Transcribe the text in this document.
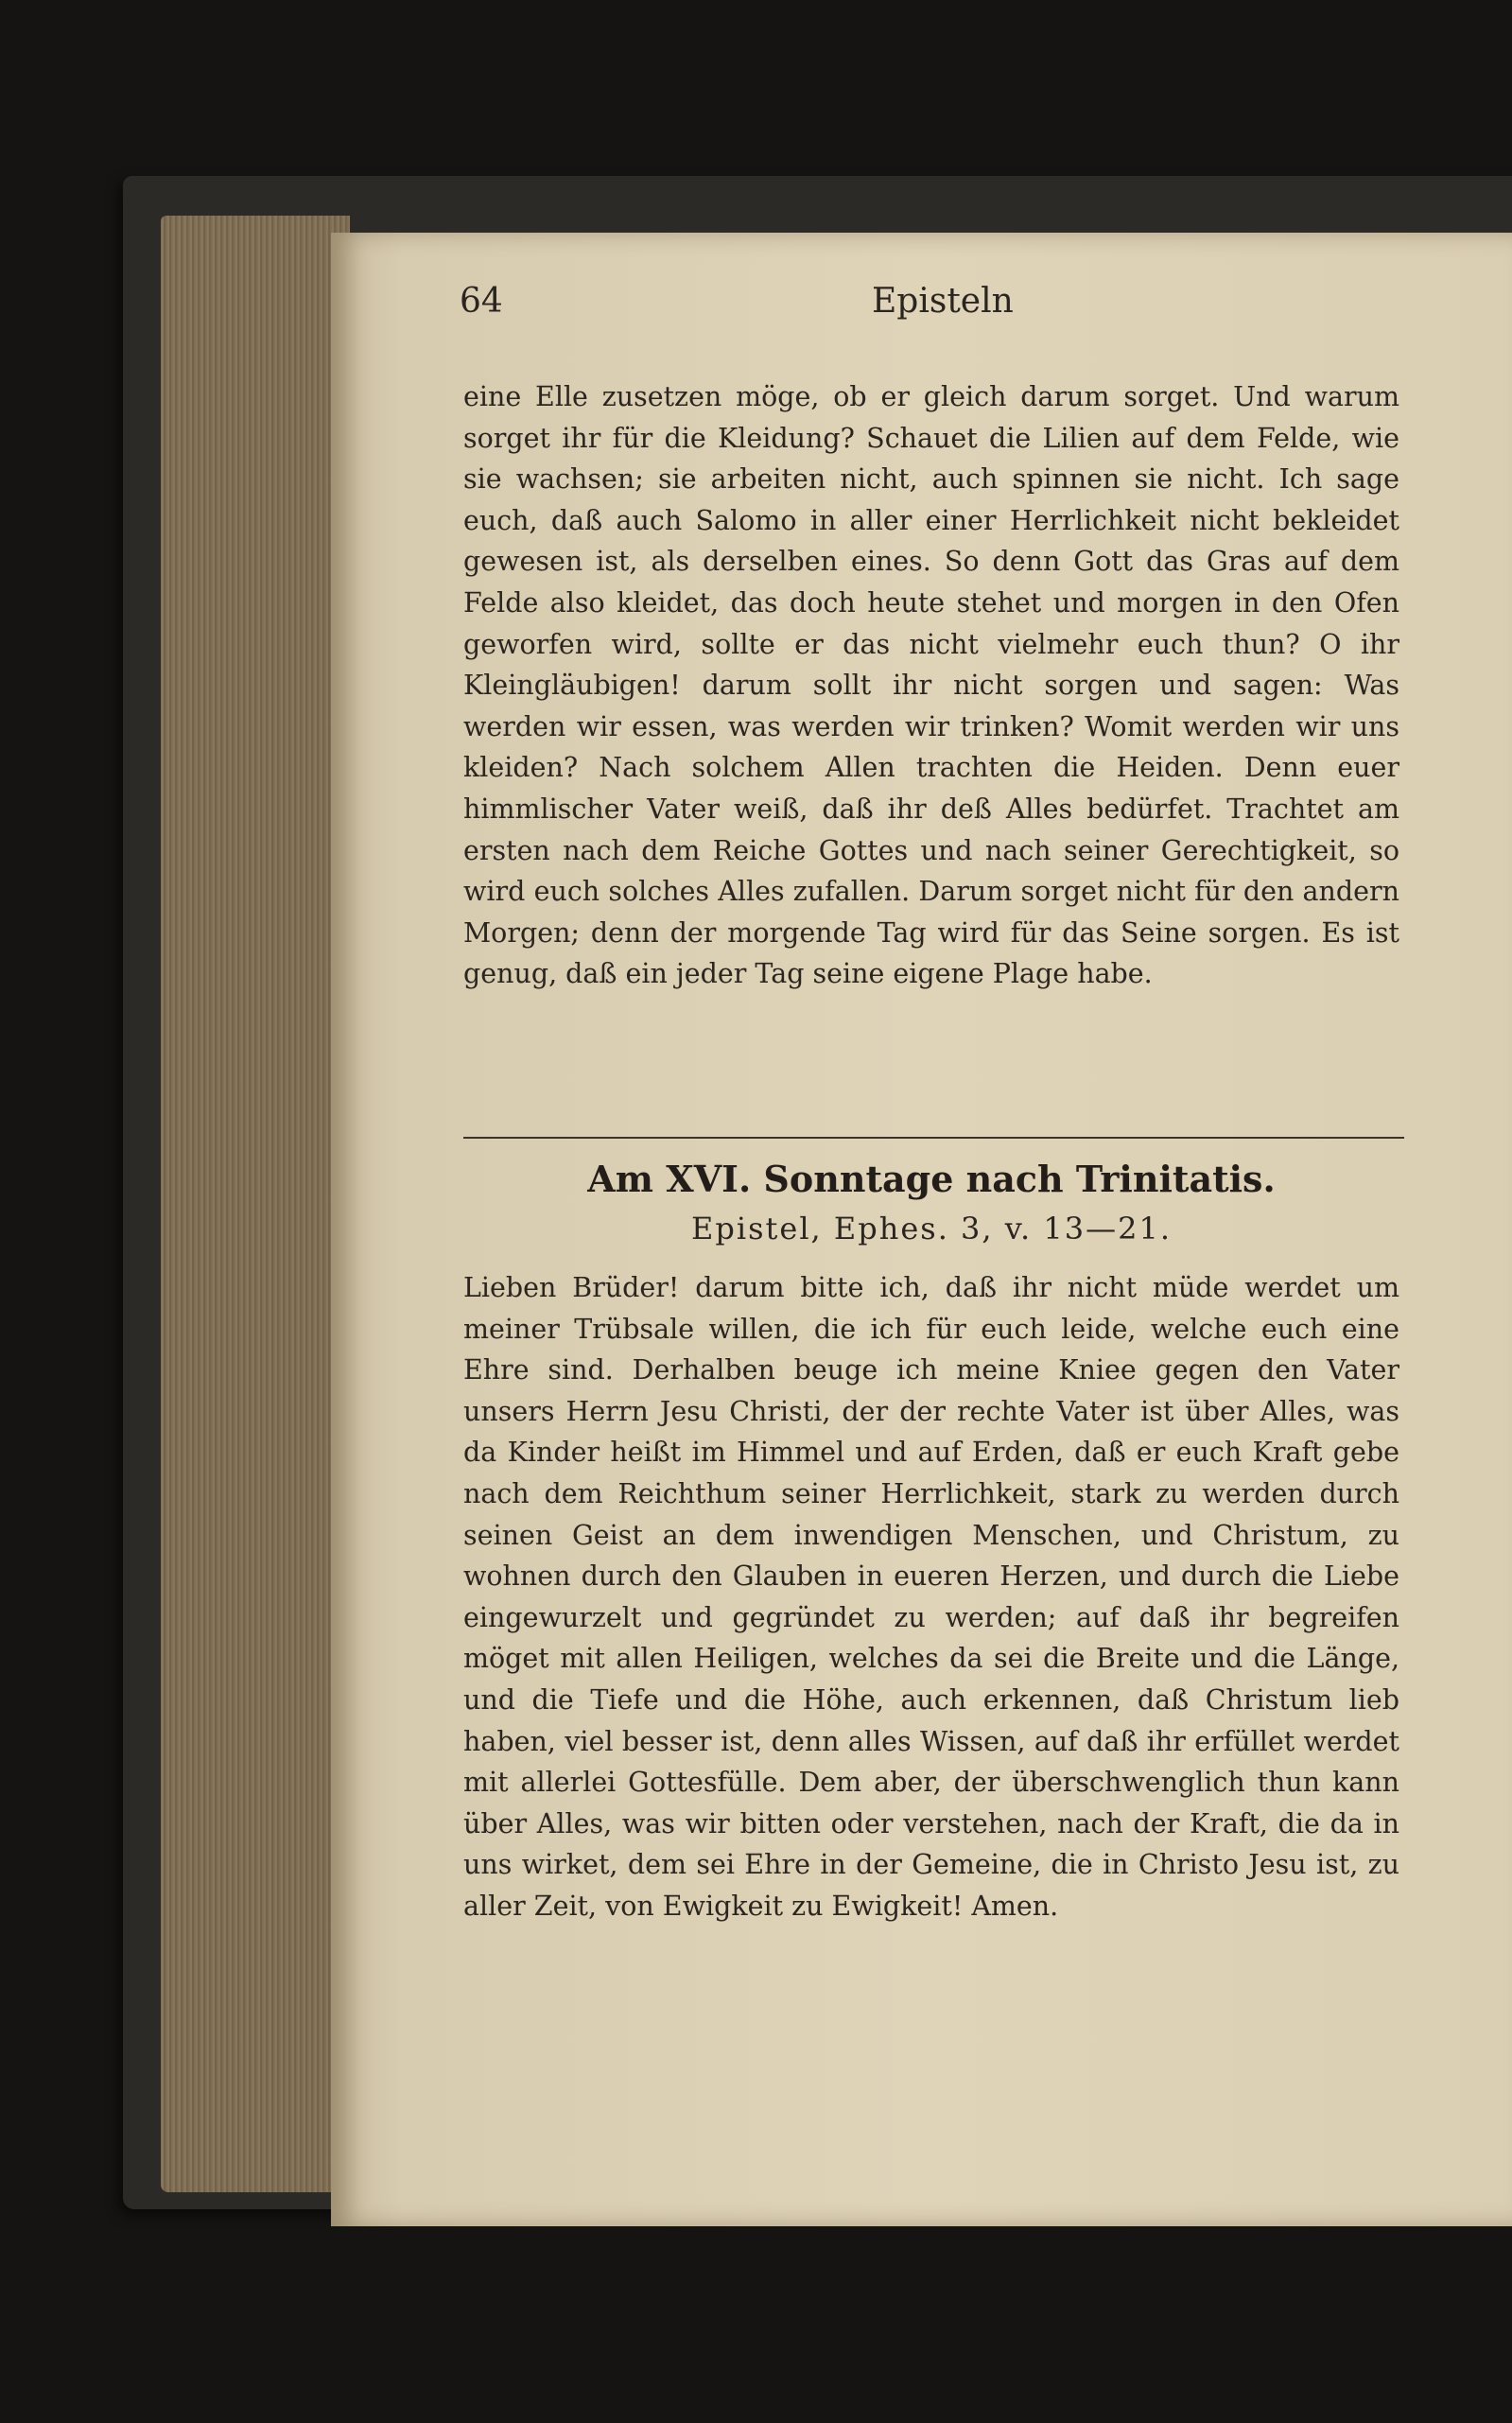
64	Episteln

eine Elle zusetzen möge, ob er gleich darum sorget. Und warum sorget ihr für die Kleidung? Schauet die Lilien auf dem Felde, wie sie wachsen; sie arbeiten nicht, auch spinnen sie nicht. Ich sage euch, daß auch Salomo in aller einer Herrlichkeit nicht bekleidet gewesen ist, als derselben eines. So denn Gott das Gras auf dem Felde also kleidet, das doch heute stehet und morgen in den Ofen geworfen wird, sollte er das nicht vielmehr euch thun? O ihr Kleingläubigen! darum sollt ihr nicht sorgen und sagen: Was werden wir essen, was werden wir trinken? Womit werden wir uns kleiden? Nach solchem Allen trachten die Heiden. Denn euer himmlischer Vater weiß, daß ihr deß Alles bedürfet. Trachtet am ersten nach dem Reiche Gottes und nach seiner Gerechtigkeit, so wird euch solches Alles zufallen. Darum sorget nicht für den andern Morgen; denn der morgende Tag wird für das Seine sorgen. Es ist genug, daß ein jeder Tag seine eigene Plage habe.

Am XVI. Sonntage nach Trinitatis.

Epistel, Ephes. 3, v. 13—21.

Lieben Brüder! darum bitte ich, daß ihr nicht müde werdet um meiner Trübsale willen, die ich für euch leide, welche euch eine Ehre sind. Derhalben beuge ich meine Kniee gegen den Vater unsers Herrn Jesu Christi, der der rechte Vater ist über Alles, was da Kinder heißt im Himmel und auf Erden, daß er euch Kraft gebe nach dem Reichthum seiner Herrlichkeit, stark zu werden durch seinen Geist an dem inwendigen Menschen, und Christum, zu wohnen durch den Glauben in eueren Herzen, und durch die Liebe eingewurzelt und gegründet zu werden; auf daß ihr begreifen möget mit allen Heiligen, welches da sei die Breite und die Länge, und die Tiefe und die Höhe, auch erkennen, daß Christum lieb haben, viel besser ist, denn alles Wissen, auf daß ihr erfüllet werdet mit allerlei Gottesfülle. Dem aber, der überschwenglich thun kann über Alles, was wir bitten oder verstehen, nach der Kraft, die da in uns wirket, dem sei Ehre in der Gemeine, die in Christo Jesu ist, zu aller Zeit, von Ewigkeit zu Ewigkeit! Amen.
